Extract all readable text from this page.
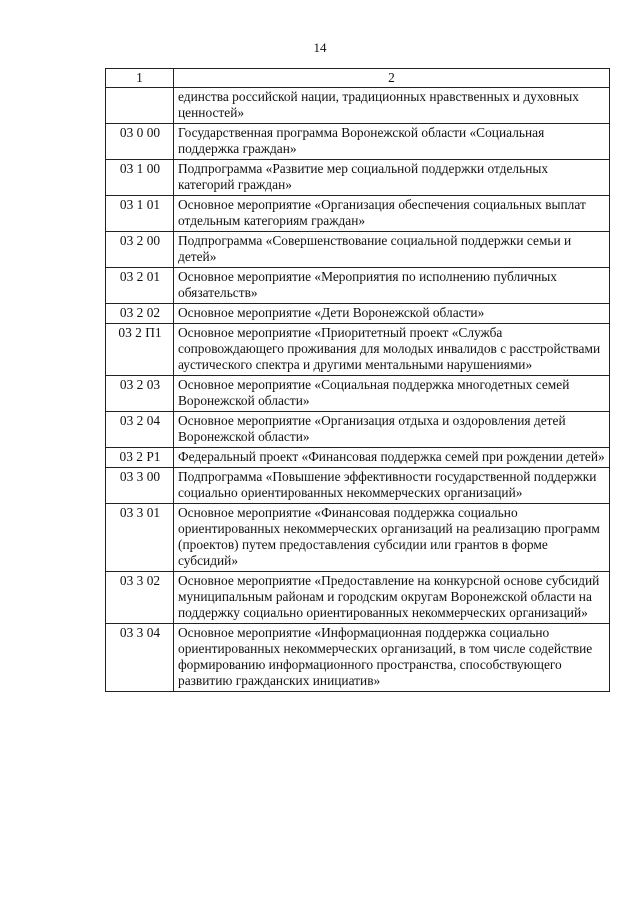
14
1	2
	единства российской нации, традиционных нравственных и духовных ценностей»
03 0 00	Государственная программа Воронежской области «Социальная поддержка граждан»
03 1 00	Подпрограмма «Развитие мер социальной поддержки отдельных категорий граждан»
03 1 01	Основное мероприятие «Организация обеспечения социальных выплат отдельным категориям граждан»
03 2 00	Подпрограмма «Совершенствование социальной поддержки семьи и детей»
03 2 01	Основное мероприятие «Мероприятия по исполнению публичных обязательств»
03 2 02	Основное мероприятие «Дети Воронежской области»
03 2 П1	Основное мероприятие «Приоритетный проект «Служба сопровождающего проживания для молодых инвалидов с расстройствами аустического спектра и другими ментальными нарушениями»
03 2 03	Основное мероприятие «Социальная поддержка многодетных семей Воронежской области»
03 2 04	Основное мероприятие «Организация отдыха и оздоровления детей Воронежской области»
03 2 P1	Федеральный проект «Финансовая поддержка семей при рождении детей»
03 3 00	Подпрограмма «Повышение эффективности государственной поддержки социально ориентированных некоммерческих организаций»
03 3 01	Основное мероприятие «Финансовая поддержка социально ориентированных некоммерческих организаций на реализацию программ (проектов) путем предоставления субсидии или грантов в форме субсидий»
03 3 02	Основное мероприятие «Предоставление на конкурсной основе субсидий муниципальным районам и городским округам Воронежской области на поддержку социально ориентированных некоммерческих организаций»
03 3 04	Основное мероприятие «Информационная поддержка социально ориентированных некоммерческих организаций, в том числе содействие формированию информационного пространства, способствующего развитию гражданских инициатив»
